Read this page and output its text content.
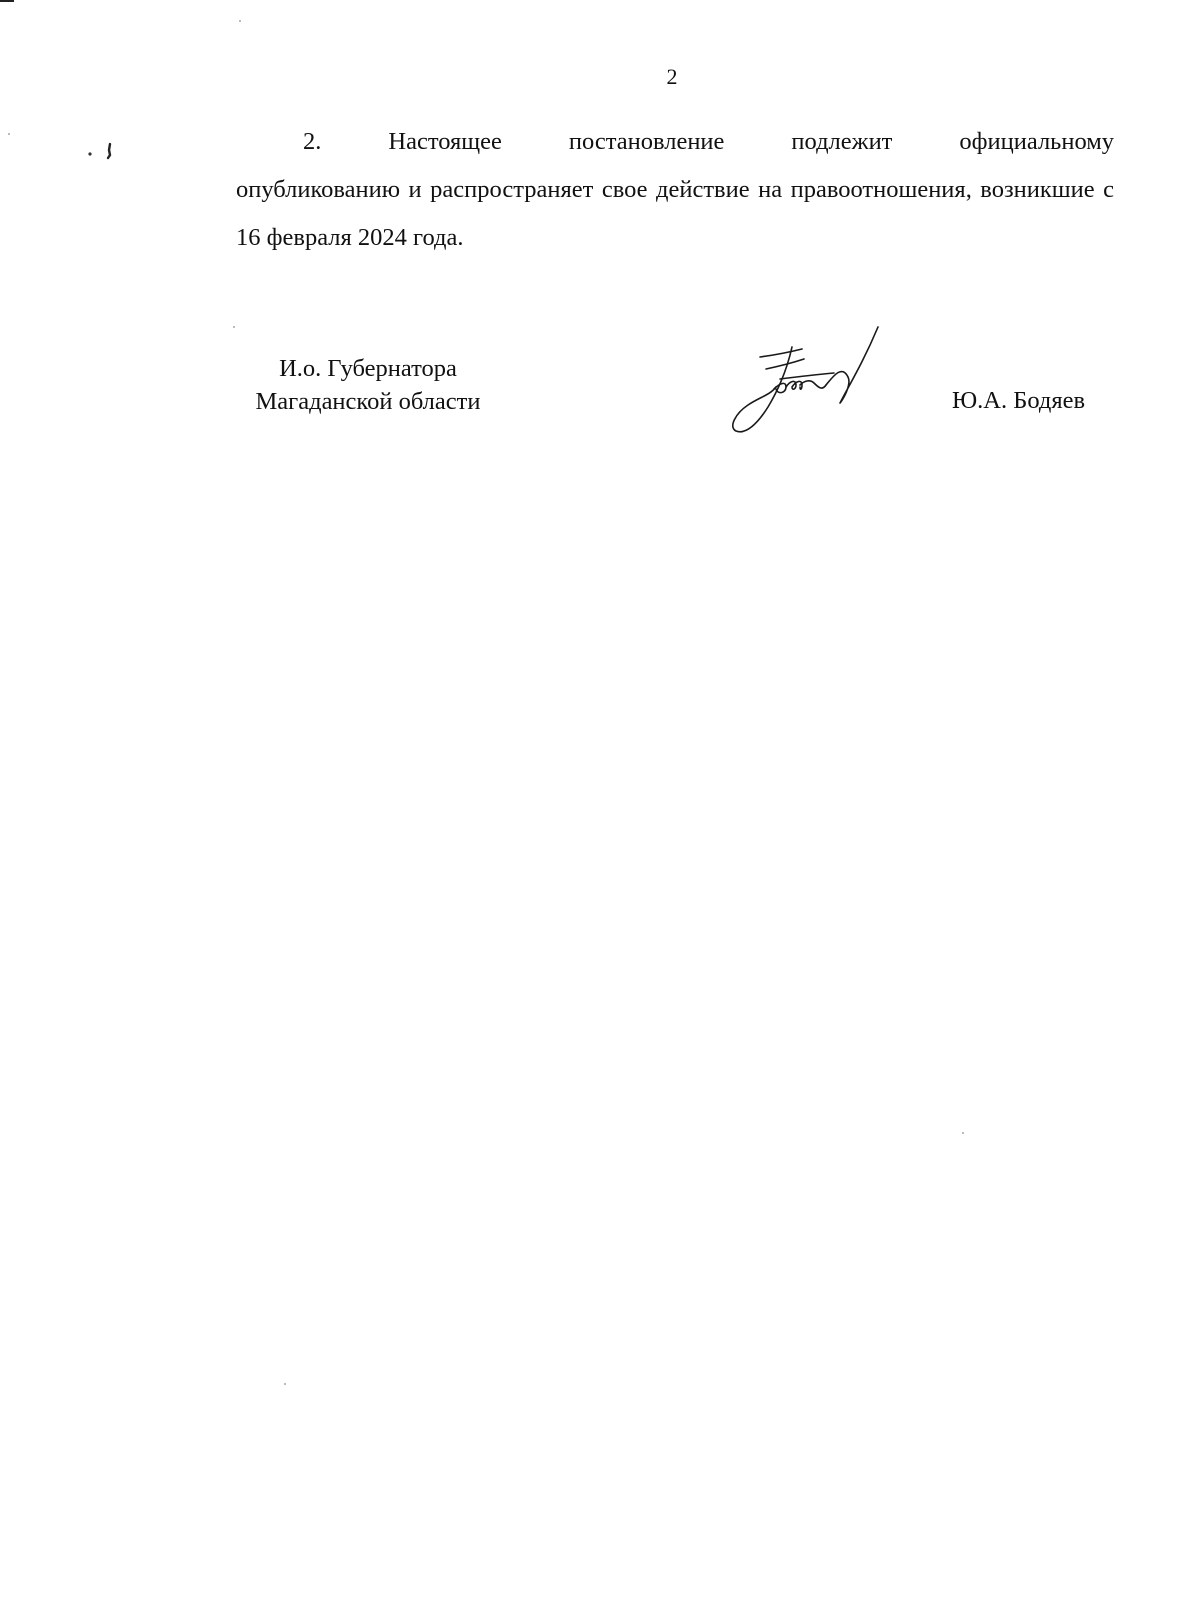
2
2. Настоящее постановление подлежит официальному
опубликованию и распространяет свое действие на правоотношения, возникшие с 16 февраля 2024 года.
И.о. Губернатора
Магаданской области	Ю.А. Бодяев
